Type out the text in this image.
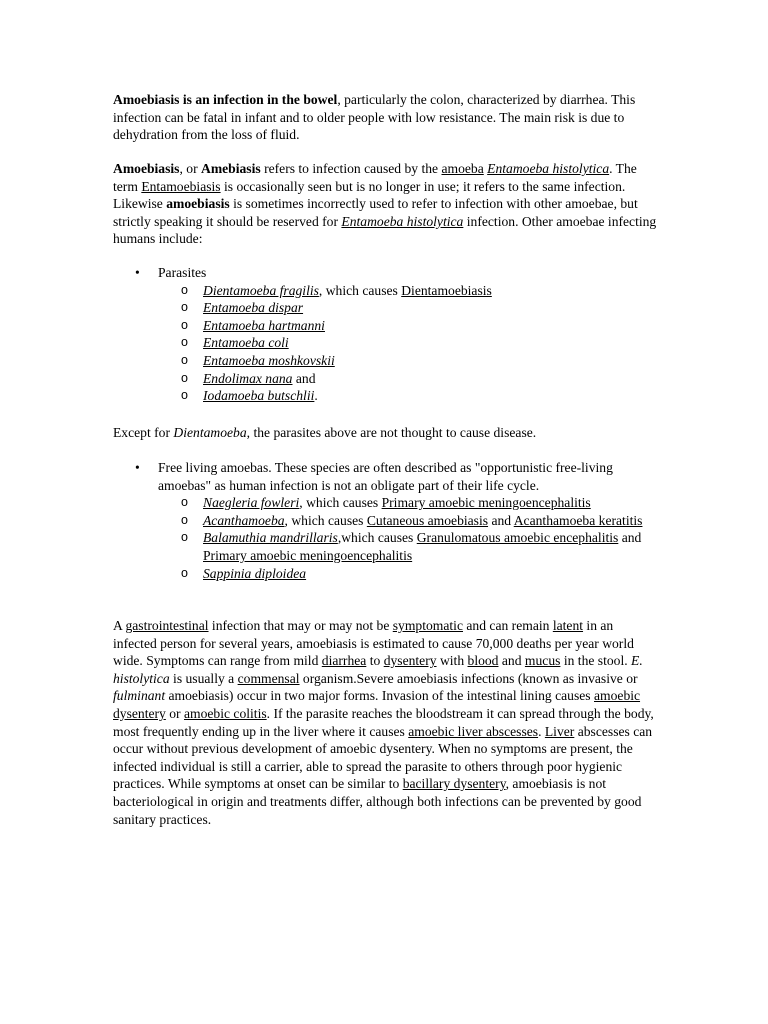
Amoebiasis is an infection in the bowel, particularly the colon, characterized by diarrhea. This infection can be fatal in infant and to older people with low resistance. The main risk is due to dehydration from the loss of fluid.

Amoebiasis, or Amebiasis refers to infection caused by the amoeba Entamoeba histolytica. The term Entamoebiasis is occasionally seen but is no longer in use; it refers to the same infection. Likewise amoebiasis is sometimes incorrectly used to refer to infection with other amoebae, but strictly speaking it should be reserved for Entamoeba histolytica infection. Other amoebae infecting humans include:

• Parasites
o Dientamoeba fragilis, which causes Dientamoebiasis
o Entamoeba dispar
o Entamoeba hartmanni
o Entamoeba coli
o Entamoeba moshkovskii
o Endolimax nana and
o Iodamoeba butschlii.

Except for Dientamoeba, the parasites above are not thought to cause disease.

• Free living amoebas. These species are often described as "opportunistic free-living amoebas" as human infection is not an obligate part of their life cycle.
o Naegleria fowleri, which causes Primary amoebic meningoencephalitis
o Acanthamoeba, which causes Cutaneous amoebiasis and Acanthamoeba keratitis
o Balamuthia mandrillaris,which causes Granulomatous amoebic encephalitis and Primary amoebic meningoencephalitis
o Sappinia diploidea

A gastrointestinal infection that may or may not be symptomatic and can remain latent in an infected person for several years, amoebiasis is estimated to cause 70,000 deaths per year world wide. Symptoms can range from mild diarrhea to dysentery with blood and mucus in the stool. E. histolytica is usually a commensal organism.Severe amoebiasis infections (known as invasive or fulminant amoebiasis) occur in two major forms. Invasion of the intestinal lining causes amoebic dysentery or amoebic colitis. If the parasite reaches the bloodstream it can spread through the body, most frequently ending up in the liver where it causes amoebic liver abscesses. Liver abscesses can occur without previous development of amoebic dysentery. When no symptoms are present, the infected individual is still a carrier, able to spread the parasite to others through poor hygienic practices. While symptoms at onset can be similar to bacillary dysentery, amoebiasis is not bacteriological in origin and treatments differ, although both infections can be prevented by good sanitary practices.
